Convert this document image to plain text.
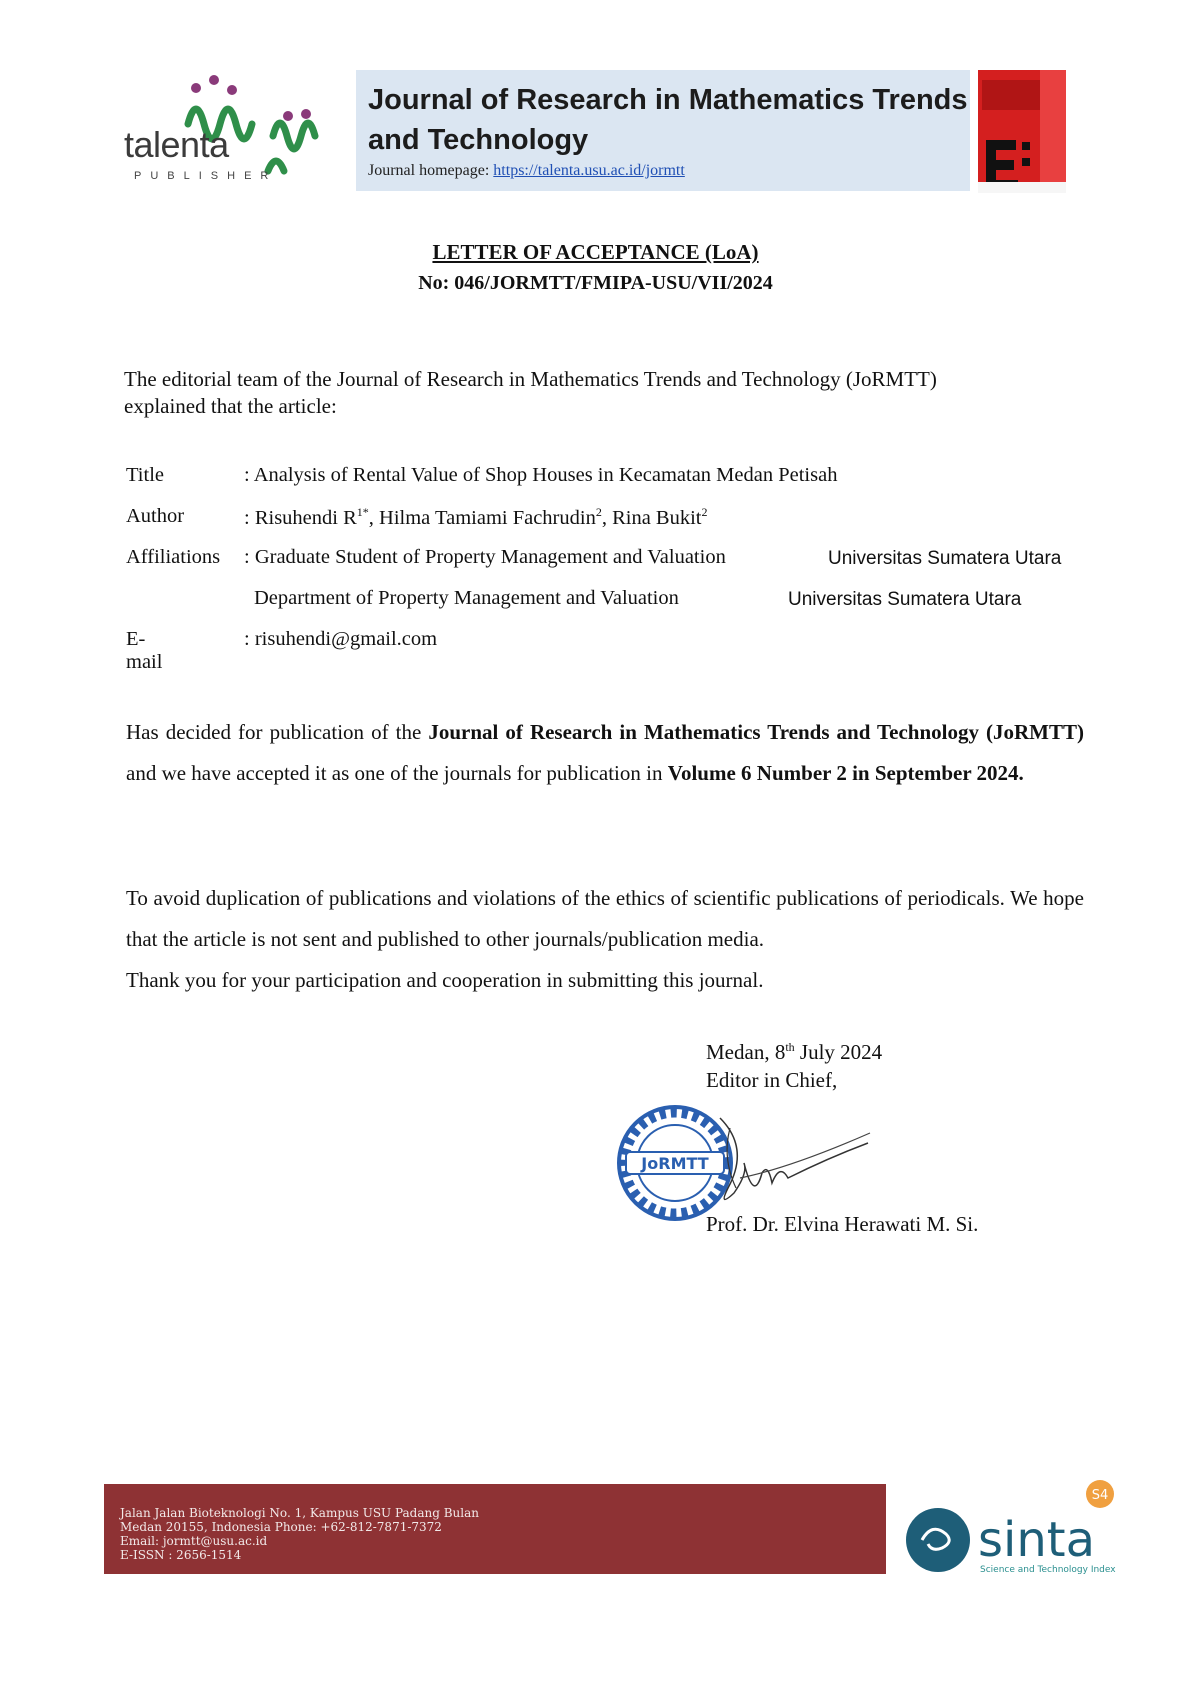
talenta
PUBLISHER
Journal of Research in Mathematics Trends
and Technology
Journal homepage: https://talenta.usu.ac.id/jormtt
LETTER OF ACCEPTANCE (LoA)
No: 046/JORMTT/FMIPA-USU/VII/2024
The editorial team of the Journal of Research in Mathematics Trends and Technology (JoRMTT)
explained that the article:
Title	: Analysis of Rental Value of Shop Houses in Kecamatan Medan Petisah
Author	: Risuhendi $R^{1*}$, Hilma Tamiami Fachrudin$^2$, Rina Bukit$^2$
Affiliations : Graduate Student of Property Management and Valuation	Universitas Sumatera Utara
Department of Property Management and Valuation	Universitas Sumatera Utara
E-mail
: risuhendi@gmail.com
Has decided for publication of the Journal of Research in Mathematics Trends and Technology (JoRMTT) and we have accepted it as one of the journals for publication in Volume 6 Number 2 in September 2024.
To avoid duplication of publications and violations of the ethics of scientific publications of periodicals. We hope that the article is not sent and published to other journals/publication media.
Thank you for your participation and cooperation in submitting this journal.
Medan, 8th July 2024
Editor in Chief,
JoRMTT
Prof. Dr. Elvina Herawati M. Si.
Jalan Jalan Bioteknologi No. 1, Kampus USU Padang Bulan
Medan 20155, Indonesia Phone: +62-812-7871-7372
Email: jormtt@usu.ac.id
E-ISSN : 2656-1514
S4
sinta
Science and Technology Index
